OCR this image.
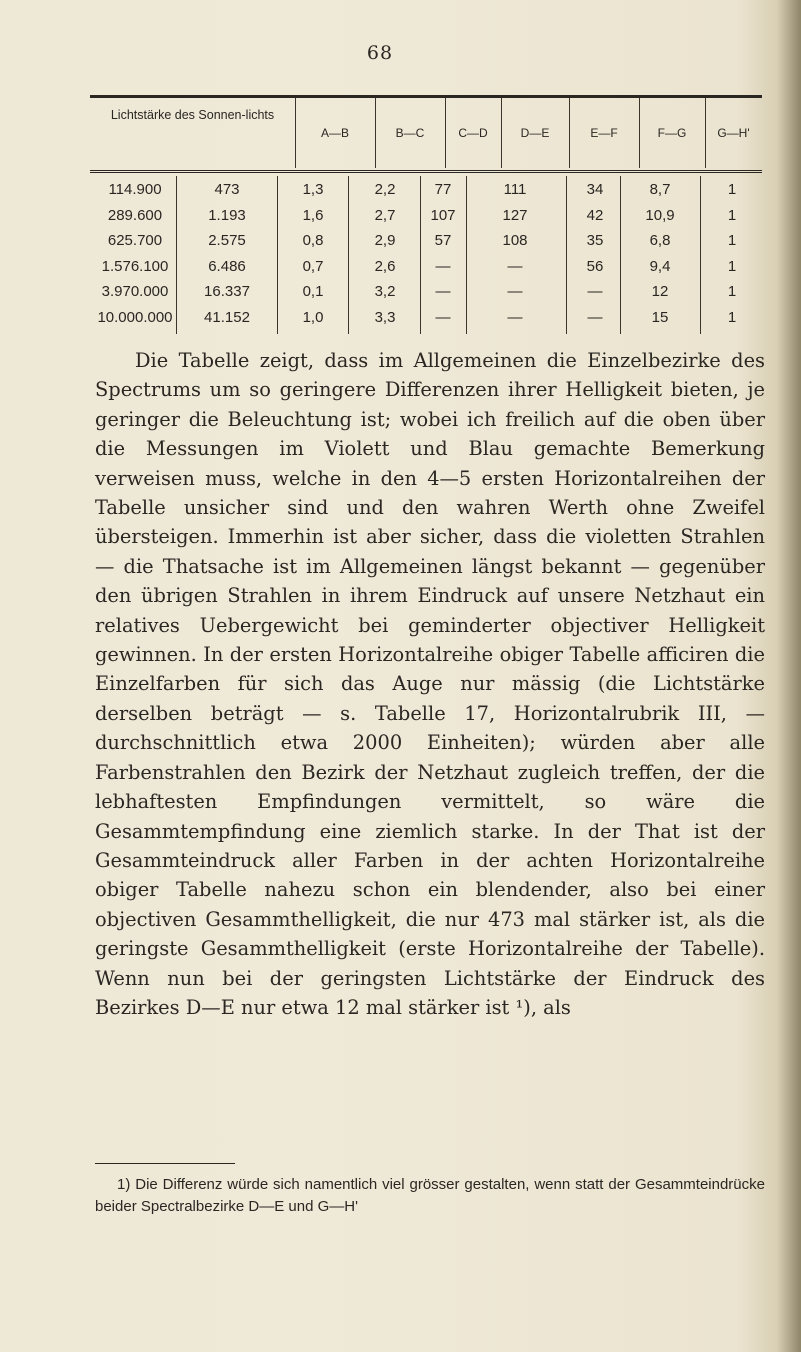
68
Lichtstärke des Sonnen-lichts
A—B	B—C	C—D	D—E	E—F	F—G	G—H'
114.900	473	1,3	2,2	77	111	34	8,7	1
289.600	1.193	1,6	2,7	107	127	42	10,9	1
625.700	2.575	0,8	2,9	57	108	35	6,8	1
1.576.100	6.486	0,7	2,6	—	—	56	9,4	1
3.970.000	16.337	0,1	3,2	—	—	—	12	1
10.000.000	41.152	1,0	3,3	—	—	—	15	1

Die Tabelle zeigt, dass im Allgemeinen die Einzelbezirke des Spectrums um so geringere Differenzen ihrer Helligkeit bieten, je geringer die Beleuchtung ist; wobei ich freilich auf die oben über die Messungen im Violett und Blau gemachte Bemerkung verweisen muss, welche in den 4—5 ersten Horizontalreihen der Tabelle unsicher sind und den wahren Werth ohne Zweifel übersteigen. Immerhin ist aber sicher, dass die violetten Strahlen — die Thatsache ist im Allgemeinen längst bekannt — gegenüber den übrigen Strahlen in ihrem Eindruck auf unsere Netzhaut ein relatives Uebergewicht bei geminderter objectiver Helligkeit gewinnen. In der ersten Horizontalreihe obiger Tabelle afficiren die Einzelfarben für sich das Auge nur mässig (die Lichtstärke derselben beträgt — s. Tabelle 17, Horizontalrubrik III, — durchschnittlich etwa 2000 Einheiten); würden aber alle Farbenstrahlen den Bezirk der Netzhaut zugleich treffen, der die lebhaftesten Empfindungen vermittelt, so wäre die Gesammtempfindung eine ziemlich starke. In der That ist der Gesammteindruck aller Farben in der achten Horizontalreihe obiger Tabelle nahezu schon ein blendender, also bei einer objectiven Gesammthelligkeit, die nur 473 mal stärker ist, als die geringste Gesammthelligkeit (erste Horizontalreihe der Tabelle). Wenn nun bei der geringsten Lichtstärke der Eindruck des Bezirkes D—E nur etwa 12 mal stärker ist ¹), als

1) Die Differenz würde sich namentlich viel grösser gestalten, wenn statt der Gesammteindrücke beider Spectralbezirke D—E und G—H'
